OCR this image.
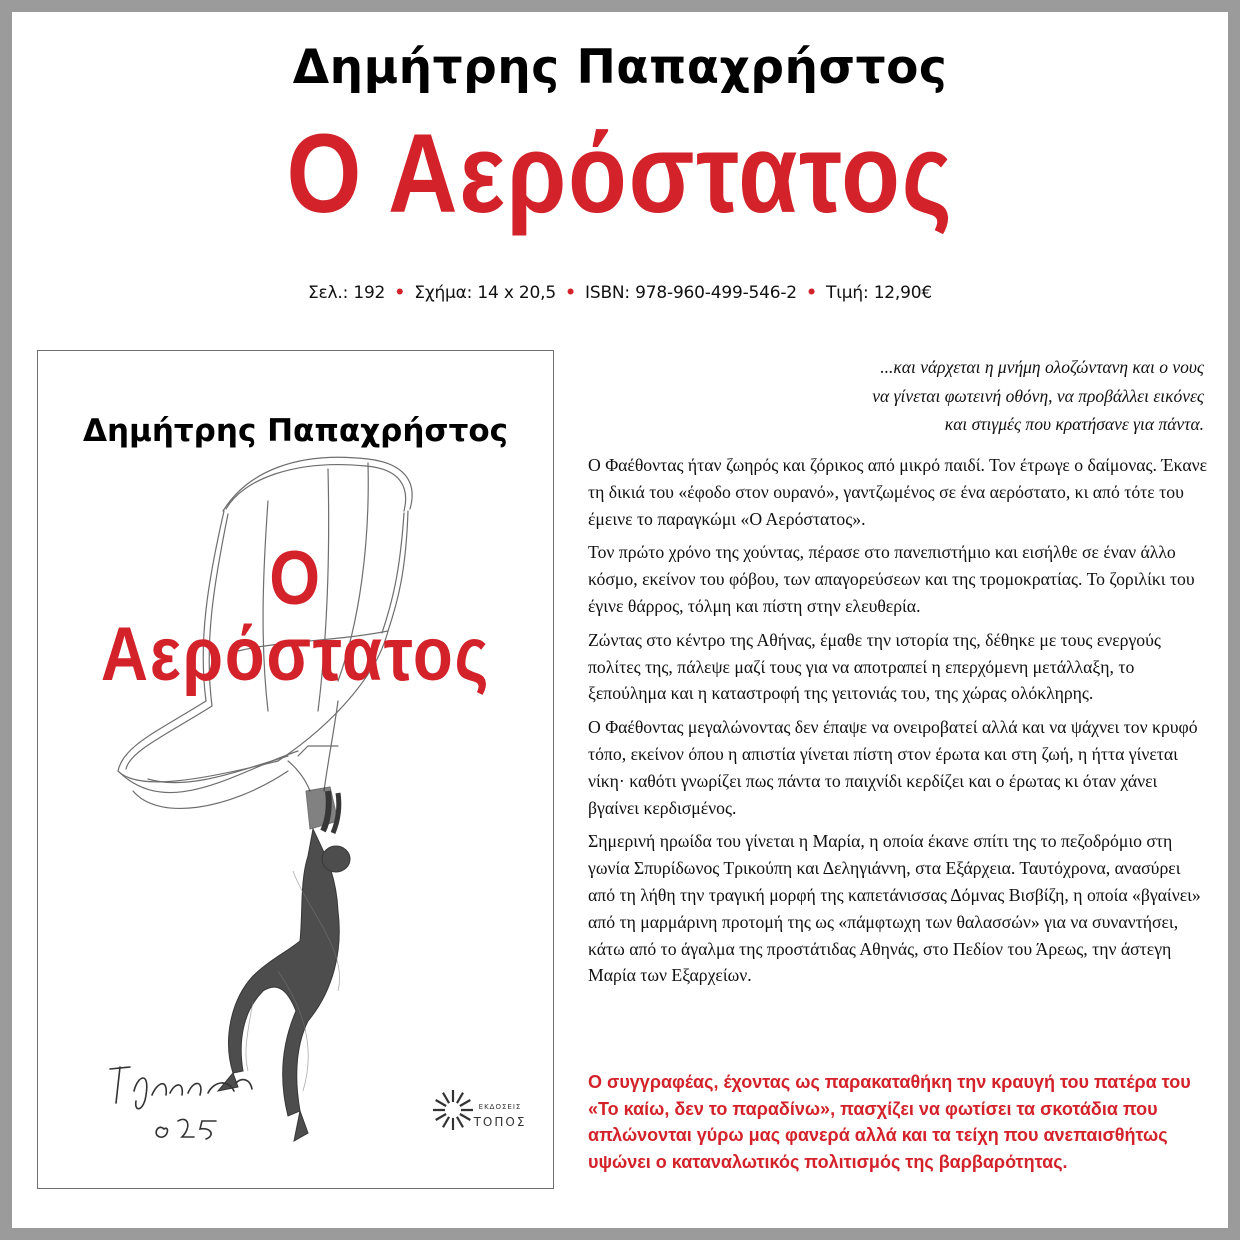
Δημήτρης Παπαχρήστος
Ο Αερόστατος
Σελ.: 192 • Σχήμα: 14 x 20,5 • ISBN: 978-960-499-546-2 • Τιμή: 12,90€
Δημήτρης Παπαχρήστος
Ο Αερόστατος
ΕΚΔΟΣΕΙΣ
ΤΟΠΟΣ
...και νάρχεται η μνήμη ολοζώντανη και ο νους
να γίνεται φωτεινή οθόνη, να προβάλλει εικόνες
και στιγμές που κρατήσανε για πάντα.

Ο Φαέθοντας ήταν ζωηρός και ζόρικος από μικρό παιδί. Τον έτρωγε ο δαίμονας. Έκανε τη δικιά του «έφοδο στον ουρανό», γαντζωμένος σε ένα αερόστατο, κι από τότε του έμεινε το παραγκώμι «Ο Αερόστατος».

Τον πρώτο χρόνο της χούντας, πέρασε στο πανεπιστήμιο και εισήλθε σε έναν άλλο κόσμο, εκείνον του φόβου, των απαγορεύσεων και της τρομοκρατίας. Το ζοριλίκι του έγινε θάρρος, τόλμη και πίστη στην ελευθερία.

Ζώντας στο κέντρο της Αθήνας, έμαθε την ιστορία της, δέθηκε με τους ενεργούς πολίτες της, πάλεψε μαζί τους για να αποτραπεί η επερχόμενη μετάλλαξη, το ξεπούλημα και η καταστροφή της γειτονιάς του, της χώρας ολόκληρης.

Ο Φαέθοντας μεγαλώνοντας δεν έπαψε να ονειροβατεί αλλά και να ψάχνει τον κρυφό τόπο, εκείνον όπου η απιστία γίνεται πίστη στον έρωτα και στη ζωή, η ήττα γίνεται νίκη· καθότι γνωρίζει πως πάντα το παιχνίδι κερδίζει και ο έρωτας κι όταν χάνει βγαίνει κερδισμένος.

Σημερινή ηρωίδα του γίνεται η Μαρία, η οποία έκανε σπίτι της το πεζοδρόμιο στη γωνία Σπυρίδωνος Τρικούπη και Δεληγιάννη, στα Εξάρχεια. Ταυτόχρονα, ανασύρει από τη λήθη την τραγική μορφή της καπετάνισσας Δόμνας Βισβίζη, η οποία «βγαίνει» από τη μαρμάρινη προτομή της ως «πάμφτωχη των θαλασσών» για να συναντήσει, κάτω από το άγαλμα της προστάτιδας Αθηνάς, στο Πεδίον του Άρεως, την άστεγη Μαρία των Εξαρχείων.

Ο συγγραφέας, έχοντας ως παρακαταθήκη την κραυγή του πατέρα του «Το καίω, δεν το παραδίνω», πασχίζει να φωτίσει τα σκοτάδια που απλώνονται γύρω μας φανερά αλλά και τα τείχη που ανεπαισθήτως υψώνει ο καταναλωτικός πολιτισμός της βαρβαρότητας.
